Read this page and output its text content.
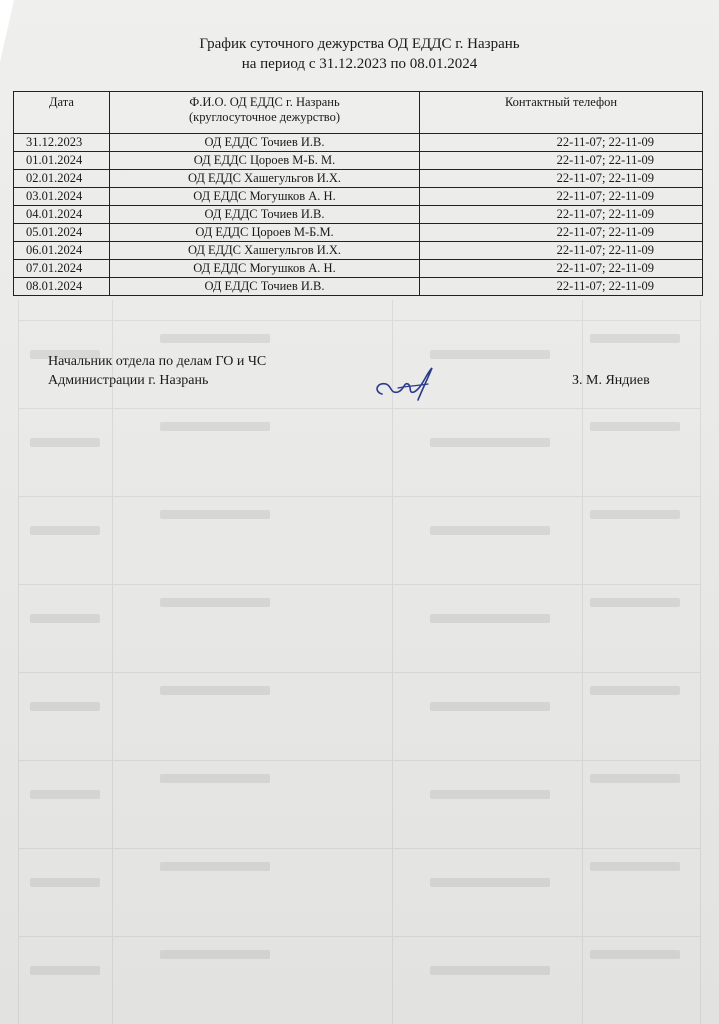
График суточного дежурства ОД ЕДДС г. Назрань
на период с 31.12.2023 по 08.01.2024
Дата	Ф.И.О. ОД ЕДДС г. Назрань (круглосуточное дежурство)	Контактный телефон
31.12.2023	ОД ЕДДС Точиев И.В.	22-11-07; 22-11-09
01.01.2024	ОД ЕДДС Цороев М-Б. М.	22-11-07; 22-11-09
02.01.2024	ОД ЕДДС Хашегульгов И.Х.	22-11-07; 22-11-09
03.01.2024	ОД ЕДДС Могушков А. Н.	22-11-07; 22-11-09
04.01.2024	ОД ЕДДС Точиев И.В.	22-11-07; 22-11-09
05.01.2024	ОД ЕДДС Цороев М-Б.М.	22-11-07; 22-11-09
06.01.2024	ОД ЕДДС Хашегульгов И.Х.	22-11-07; 22-11-09
07.01.2024	ОД ЕДДС Могушков А. Н.	22-11-07; 22-11-09
08.01.2024	ОД ЕДДС Точиев И.В.	22-11-07; 22-11-09
Начальник отдела по делам ГО и ЧС
Администрации г. Назрань	З. М. Яндиев
